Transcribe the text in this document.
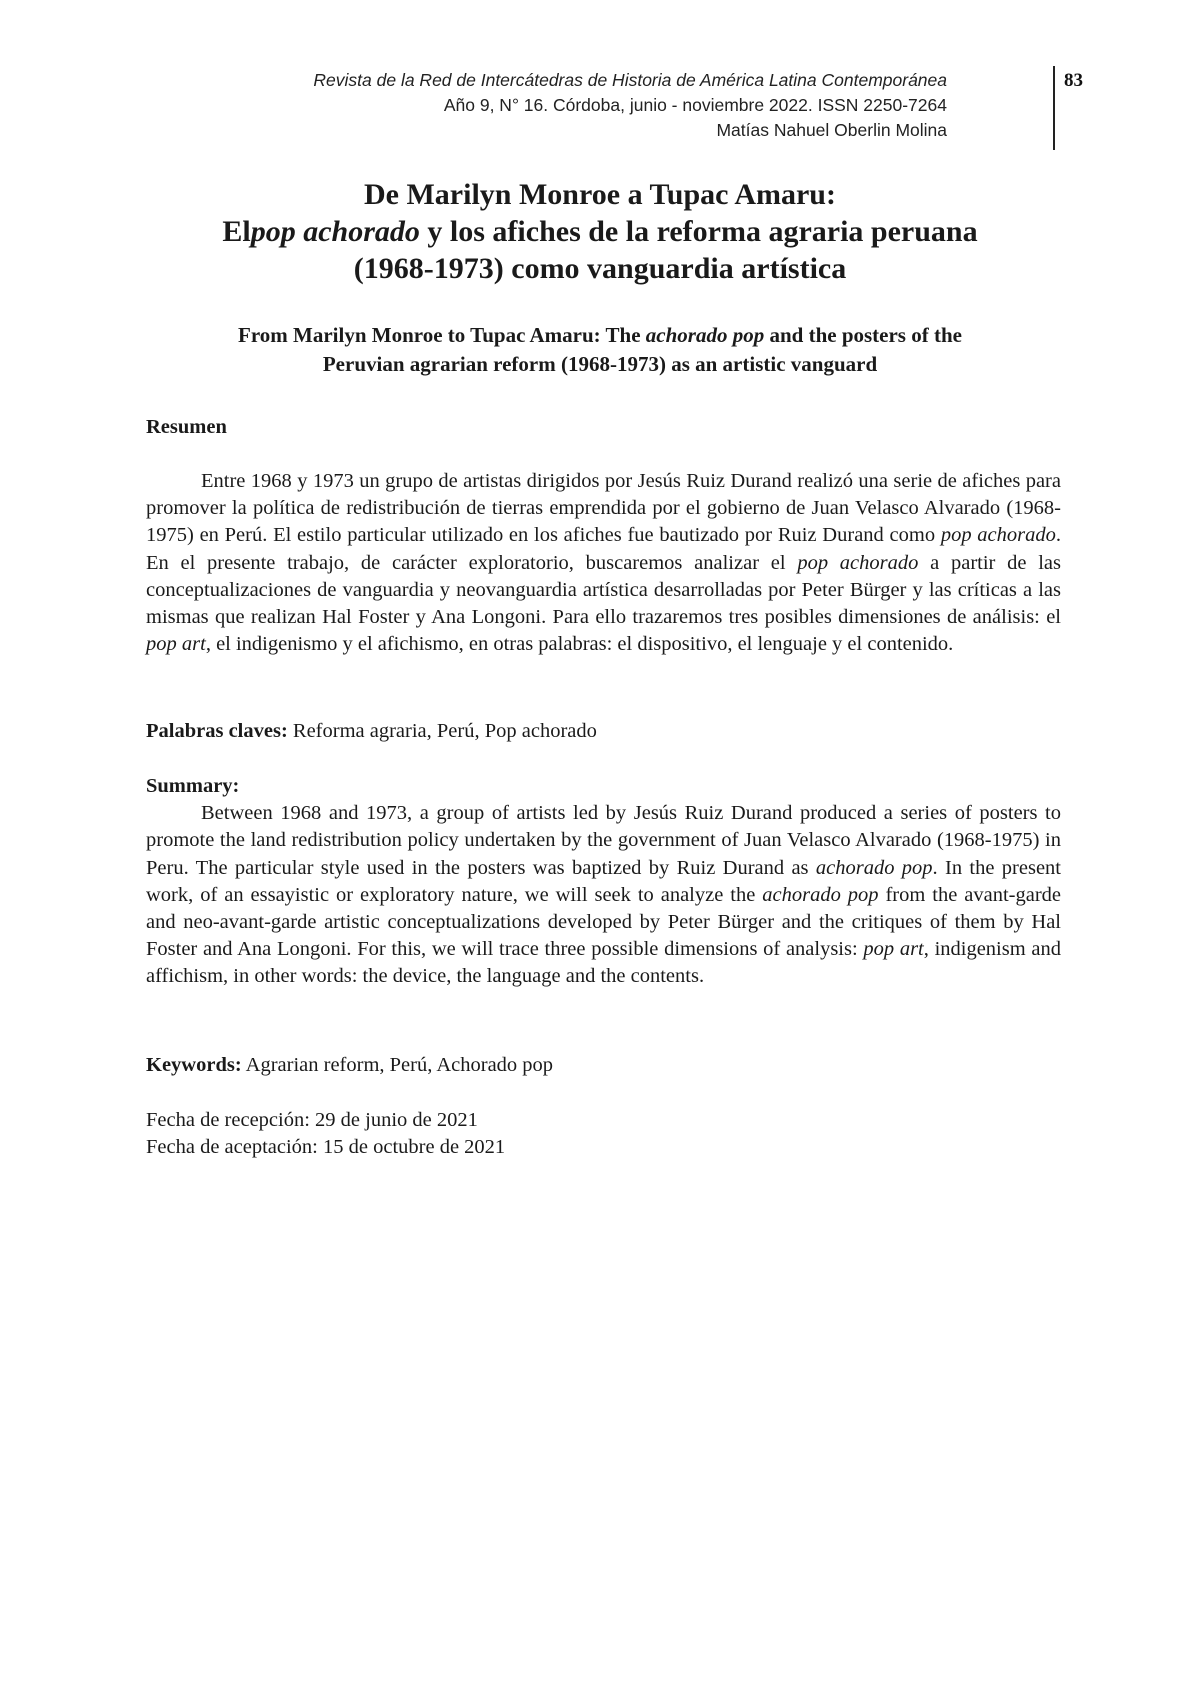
Revista de la Red de Intercátedras de Historia de América Latina Contemporánea
Año 9, N° 16. Córdoba, junio - noviembre 2022. ISSN 2250-7264
Matías Nahuel Oberlin Molina
83
De Marilyn Monroe a Tupac Amaru:
Elpop achorado y los afiches de la reforma agraria peruana
(1968-1973) como vanguardia artística
From Marilyn Monroe to Tupac Amaru: The achorado pop and the posters of the
Peruvian agrarian reform (1968-1973) as an artistic vanguard
Resumen

Entre 1968 y 1973 un grupo de artistas dirigidos por Jesús Ruiz Durand realizó una serie de afiches para promover la política de redistribución de tierras emprendida por el gobierno de Juan Velasco Alvarado (1968-1975) en Perú. El estilo particular utilizado en los afiches fue bautizado por Ruiz Durand como pop achorado. En el presente trabajo, de carácter exploratorio, buscaremos analizar el pop achorado a partir de las conceptualizaciones de vanguardia y neovanguardia artística desarrolladas por Peter Bürger y las críticas a las mismas que realizan Hal Foster y Ana Longoni. Para ello trazaremos tres posibles dimensiones de análisis: el pop art, el indigenismo y el afichismo, en otras palabras: el dispositivo, el lenguaje y el contenido.

Palabras claves: Reforma agraria, Perú, Pop achorado
Summary:

Between 1968 and 1973, a group of artists led by Jesús Ruiz Durand produced a series of posters to promote the land redistribution policy undertaken by the government of Juan Velasco Alvarado (1968-1975) in Peru. The particular style used in the posters was baptized by Ruiz Durand as achorado pop. In the present work, of an essayistic or exploratory nature, we will seek to analyze the achorado pop from the avant-garde and neo-avant-garde artistic conceptualizations developed by Peter Bürger and the critiques of them by Hal Foster and Ana Longoni. For this, we will trace three possible dimensions of analysis: pop art, indigenism and affichism, in other words: the device, the language and the contents.

Keywords: Agrarian reform, Perú, Achorado pop

Fecha de recepción: 29 de junio de 2021

Fecha de aceptación: 15 de octubre de 2021
